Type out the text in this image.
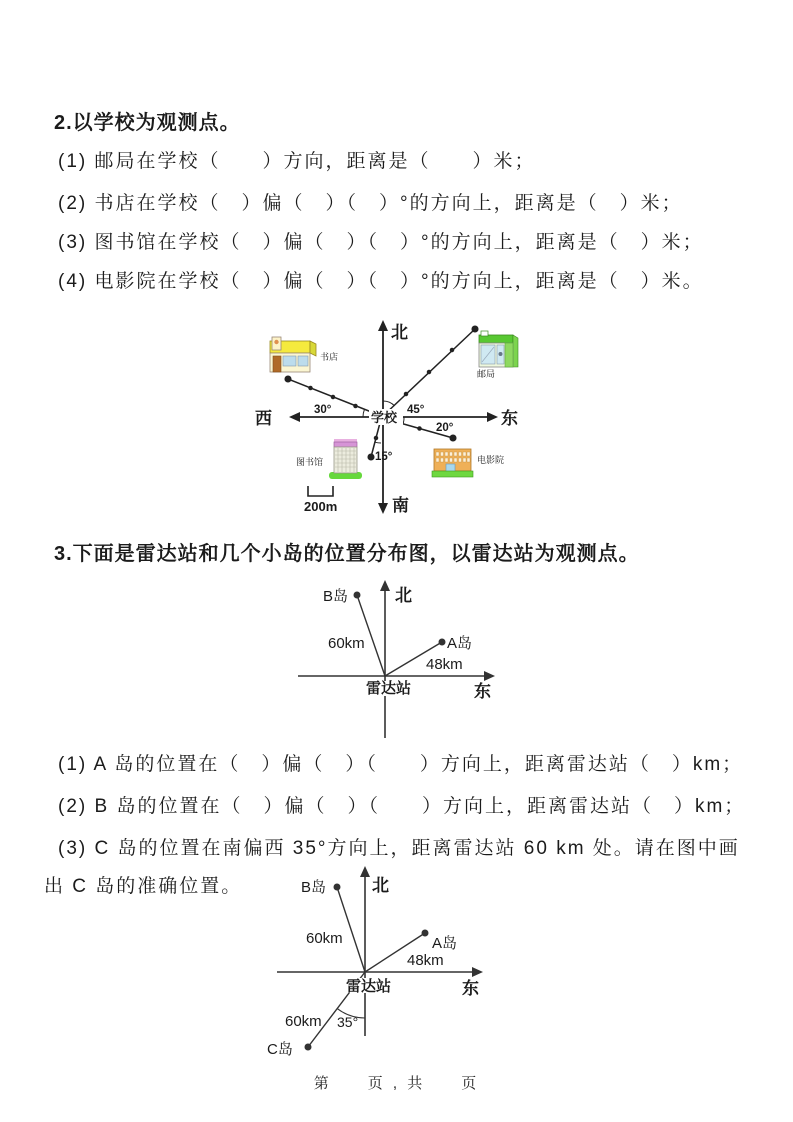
2.以学校为观测点。
(1) 邮局在学校（　　）方向，距离是（　　）米；
(2) 书店在学校（　）偏（　）（　）°的方向上，距离是（　）米；
(3) 图书馆在学校（　）偏（　）（　）°的方向上，距离是（　）米；
(4) 电影院在学校（　）偏（　）（　）°的方向上，距离是（　）米。
200m
北
南
西	东
学校
30°	45°
20°
15°
书店
邮局
图书馆	电影院
3.下面是雷达站和几个小岛的位置分布图，以雷达站为观测点。
B岛	北
60km	A岛
48km
雷达站	东
(1) A 岛的位置在（　）偏（　）（　　）方向上，距离雷达站（　）km；
(2) B 岛的位置在（　）偏（　）（　　）方向上，距离雷达站（　）km；
(3) C 岛的位置在南偏西 35°方向上，距离雷达站 60 km 处。请在图中画
出 C 岛的准确位置。	B岛	北
60km	A岛
48km
雷达站	东
60km 35°
C岛
第　　页 , 共　　页
